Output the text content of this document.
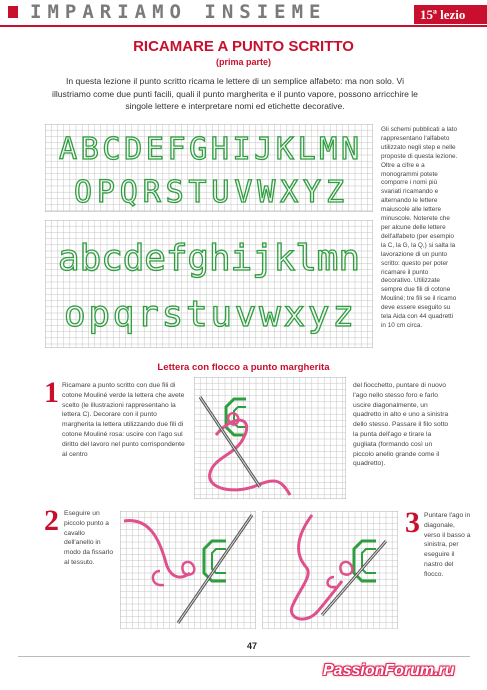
IMPARIAMO INSIEME	15ª lezio
RICAMARE A PUNTO SCRITTO
(prima parte)
In questa lezione il punto scritto ricama le lettere di un semplice alfabeto: ma non solo. Vi illustriamo come due punti facili, quali il punto margherita e il punto vapore, possono arricchire le singole lettere e interpretare nomi ed etichette decorative.
ABCDEFGHIJKLMN
OPQRSTUVWXYZ
abcdefghijklmn
opqrstuvwxyz
Gli schemi pubblicati a lato rappresentano l'alfabeto utilizzato negli step e nelle proposte di questa lezione. Oltre a cifre e a monogrammi potete comporre i nomi più svariati ricamando e alternando le lettere maiuscole alle lettere minuscole. Noterete che per alcune delle lettere dell'alfabeto (per esempio la C, la G, la Q,) si salta la lavorazione di un punto scritto: questo per poter ricamare il punto decorativo. Utilizzate sempre due fili di cotone Mouliné; tre fili se il ricamo deve essere eseguito su tela Aida con 44 quadretti in 10 cm circa.
Lettera con flocco a punto margherita
1 Ricamare a punto scritto con due fili di cotone Mouliné verde la lettera che avete scelto (le illustrazioni rappresentano la lettera C). Decorare con il punto margherita la lettera utilizzando due fili di cotone Mouliné rosa: uscire con l'ago sul diritto del lavoro nel punto corrispondente al centro
del fiocchetto, puntare di nuovo l'ago nello stesso foro e farlo uscire diagonalmente, un quadretto in alto e uno a sinistra dello stesso. Passare il filo sotto la punta dell'ago e tirare la gugliata (formando così un piccolo anello grande come il quadretto).
2 Eseguire un piccolo punto a cavallo dell'anello in modo da fissarlo al tessuto.
3 Puntare l'ago in diagonale, verso il basso a sinistra, per eseguire il nastro del flocco.
47
PassionForum.ru
